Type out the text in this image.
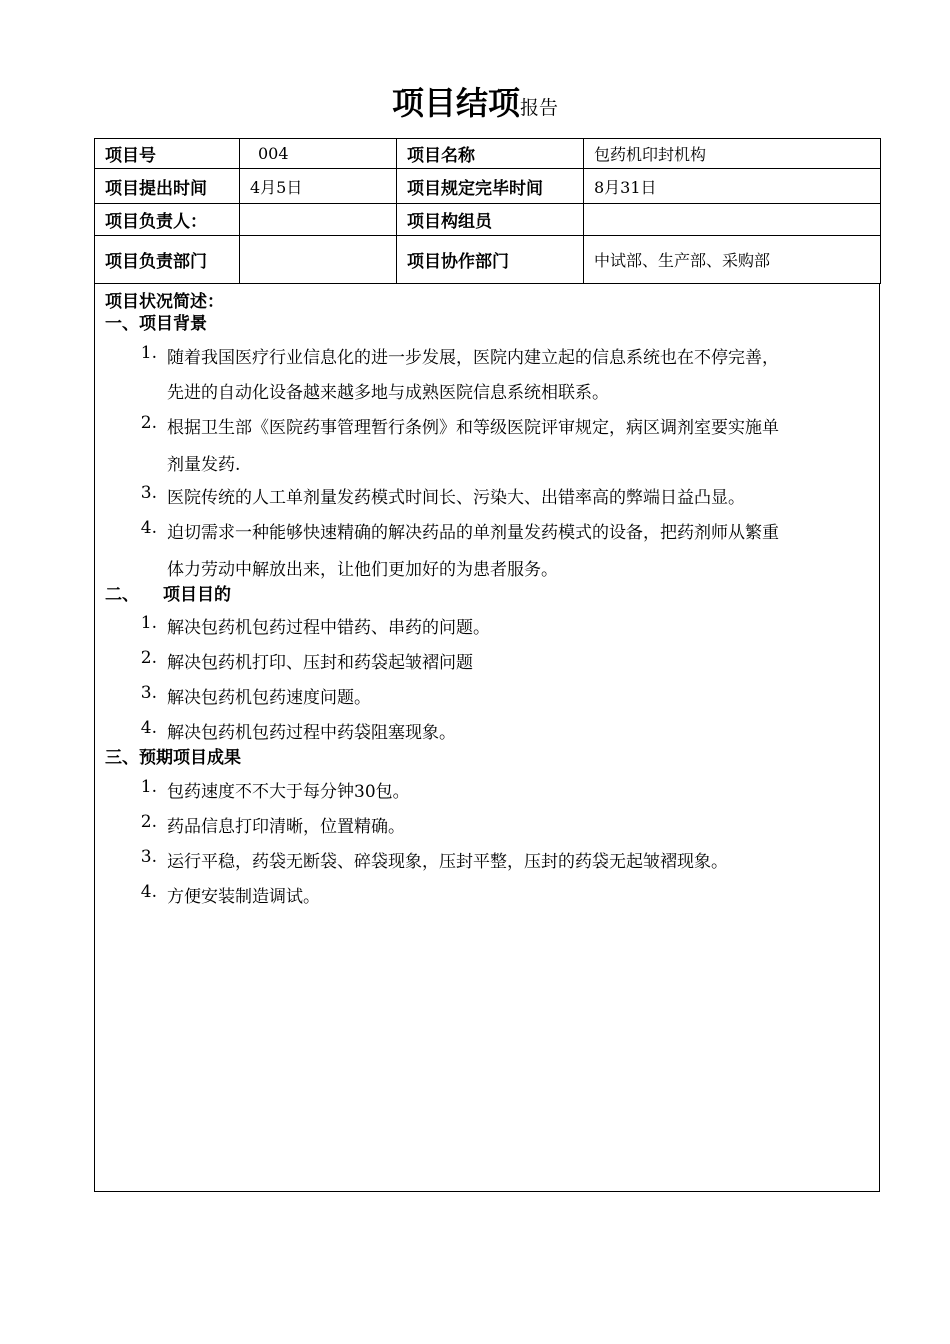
项目结项报告
项目号	004	项目名称	包药机印封机构
项目提出时间	4月5日	项目规定完毕时间	8月31日
项目负责人：		项目构组员	
项目负责部门		项目协作部门	中试部、生产部、采购部
项目状况简述：
一、项目背景
1. 随着我国医疗行业信息化的进一步发展，医院内建立起的信息系统也在不停完善，
先进的自动化设备越来越多地与成熟医院信息系统相联系。
2. 根据卫生部《医院药事管理暂行条例》和等级医院评审规定，病区调剂室要实施单
剂量发药.
3. 医院传统的人工单剂量发药模式时间长、污染大、出错率高的弊端日益凸显。
4. 迫切需求一种能够快速精确的解决药品的单剂量发药模式的设备，把药剂师从繁重
体力劳动中解放出来，让他们更加好的为患者服务。
二、 项目目的
1. 解决包药机包药过程中错药、串药的问题。
2. 解决包药机打印、压封和药袋起皱褶问题
3. 解决包药机包药速度问题。
4. 解决包药机包药过程中药袋阻塞现象。
三、预期项目成果
1. 包药速度不不大于每分钟30包。
2. 药品信息打印清晰，位置精确。
3. 运行平稳，药袋无断袋、碎袋现象，压封平整，压封的药袋无起皱褶现象。
4. 方便安装制造调试。
